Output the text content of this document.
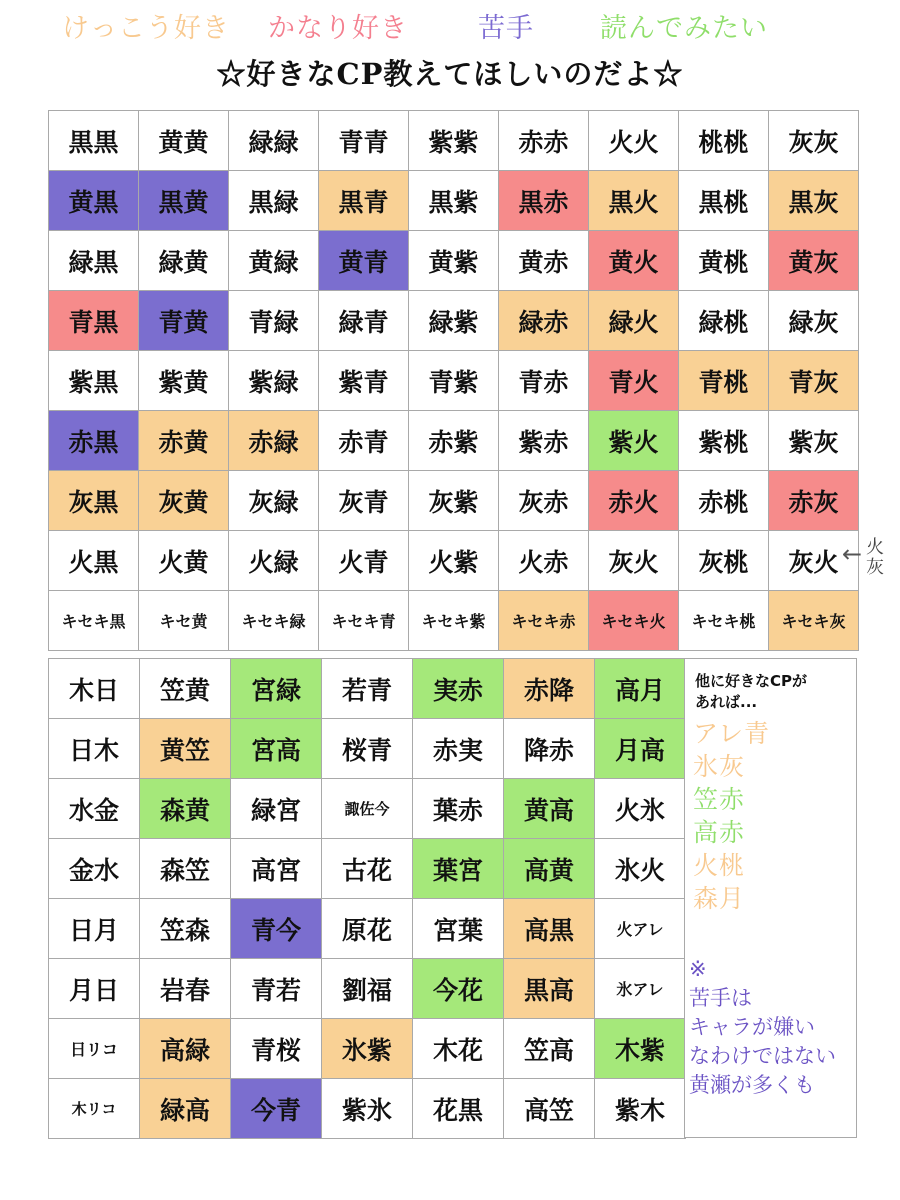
けっこう好き かなり好き	苦手 読んでみたい
☆好きなCP教えてほしいのだよ☆
黒黒	黄黄	緑緑	青青	紫紫	赤赤	火火	桃桃	灰灰
黄黒	黒黄	黒緑	黒青	黒紫	黒赤	黒火	黒桃	黒灰
緑黒	緑黄	黄緑	黄青	黄紫	黄赤	黄火	黄桃	黄灰
青黒	青黄	青緑	緑青	緑紫	緑赤	緑火	緑桃	緑灰
紫黒	紫黄	紫緑	紫青	青紫	青赤	青火	青桃	青灰
赤黒	赤黄	赤緑	赤青	赤紫	紫赤	紫火	紫桃	紫灰
灰黒	灰黄	灰緑	灰青	灰紫	灰赤	赤火	赤桃	赤灰
火黒	火黄	火緑	火青	火紫	火赤	灰火	灰桃	灰火
キセキ黒	キセ黄	キセキ緑	キセキ青	キセキ紫	キセキ赤	キセキ火	キセキ桃	キセキ灰
← 火灰
木日	笠黄	宮緑	若青	実赤	赤降	高月
日木	黄笠	宮高	桜青	赤実	降赤	月高
水金	森黄	緑宮	諏佐今	葉赤	黄高	火氷
金水	森笠	高宮	古花	葉宮	高黄	氷火
日月	笠森	青今	原花	宮葉	高黒	火アレ
月日	岩春	青若	劉福	今花	黒高	氷アレ
日リコ	高緑	青桜	氷紫	木花	笠高	木紫
木リコ	緑高	今青	紫氷	花黒	高笠	紫木
他に好きなCPが
あれば...
アレ青
氷灰
笠赤
高赤
火桃
森月
※
苦手は
キャラが嫌い
なわけではない
黄瀬が多くも
